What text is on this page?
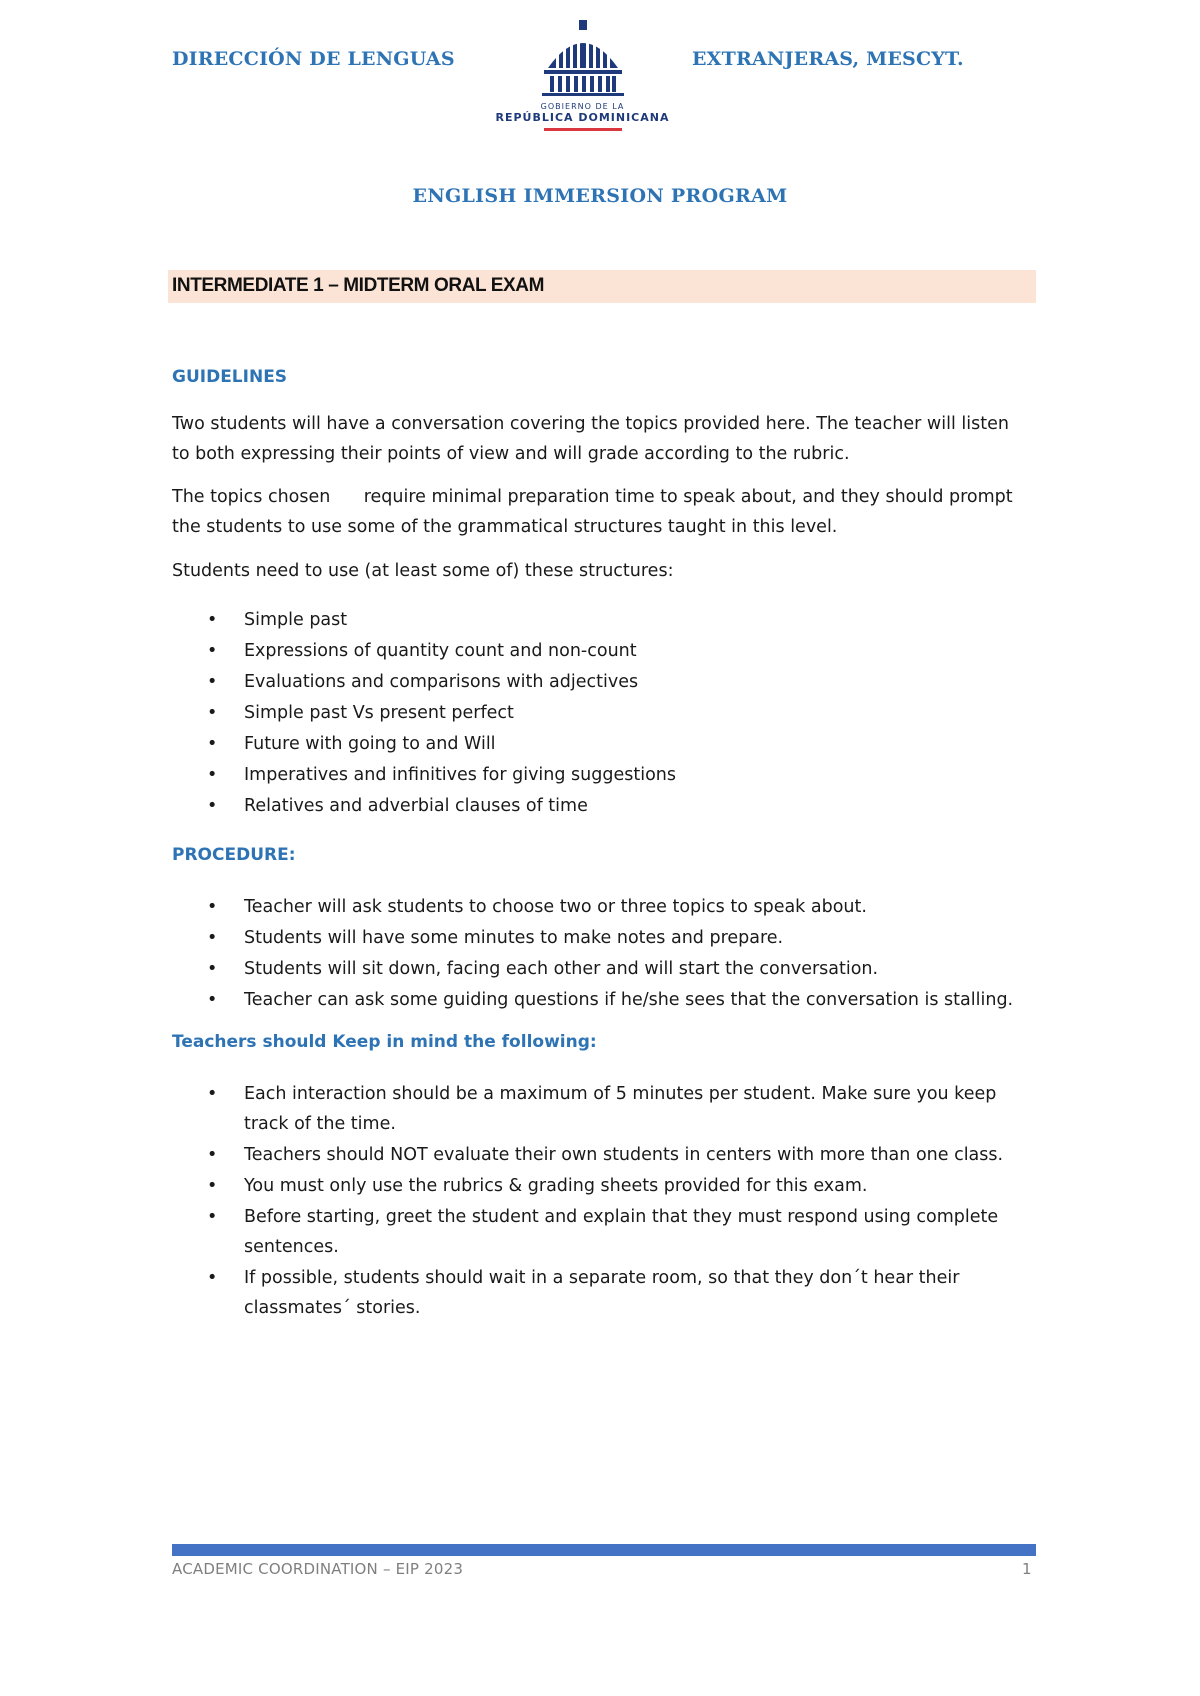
DIRECCIÓN DE LENGUAS
GOBIERNO DE LA
REPÚBLICA DOMINICANA
EXTRANJERAS, MESCYT.
ENGLISH IMMERSION PROGRAM
INTERMEDIATE 1 – MIDTERM ORAL EXAM
GUIDELINES
Two students will have a conversation covering the topics provided here. The teacher will listen to both expressing their points of view and will grade according to the rubric.
The topics chosen      require minimal preparation time to speak about, and they should prompt the students to use some of the grammatical structures taught in this level.
Students need to use (at least some of) these structures:
• Simple past
• Expressions of quantity count and non-count
• Evaluations and comparisons with adjectives
• Simple past Vs present perfect
• Future with going to and Will
• Imperatives and infinitives for giving suggestions
• Relatives and adverbial clauses of time
PROCEDURE:
• Teacher will ask students to choose two or three topics to speak about.
• Students will have some minutes to make notes and prepare.
• Students will sit down, facing each other and will start the conversation.
• Teacher can ask some guiding questions if he/she sees that the conversation is stalling.
Teachers should Keep in mind the following:
• Each interaction should be a maximum of 5 minutes per student. Make sure you keep track of the time.
• Teachers should NOT evaluate their own students in centers with more than one class.
• You must only use the rubrics & grading sheets provided for this exam.
• Before starting, greet the student and explain that they must respond using complete sentences.
• If possible, students should wait in a separate room, so that they don´t hear their classmates´ stories.
ACADEMIC COORDINATION – EIP 2023	1
